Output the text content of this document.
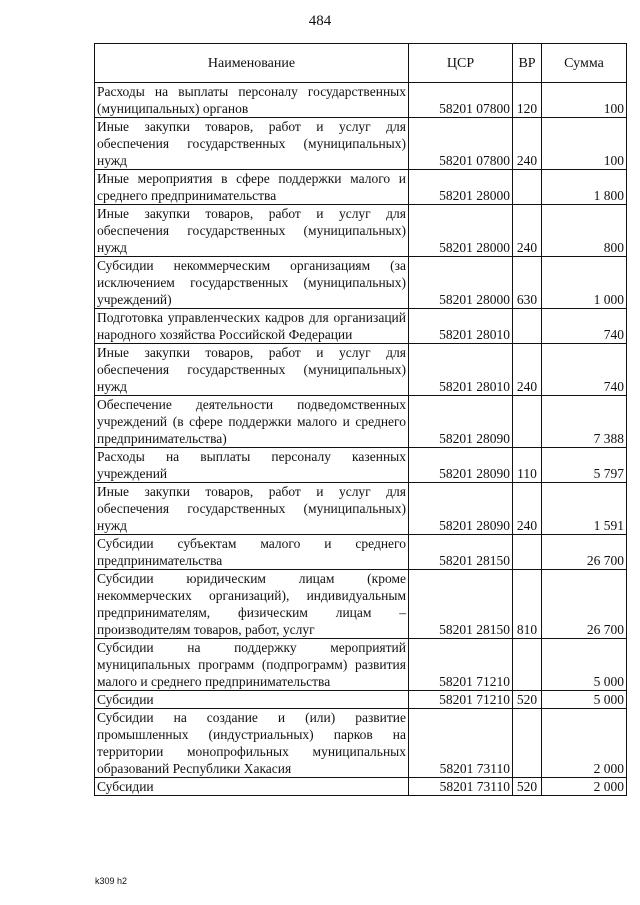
484
Наименование	ЦСР	ВР	Сумма
Расходы на выплаты персоналу государственных (муниципальных) органов	58201 07800	120	100
Иные закупки товаров, работ и услуг для обеспечения государственных (муниципальных) нужд	58201 07800	240	100
Иные мероприятия в сфере поддержки малого и среднего предпринимательства	58201 28000		1 800
Иные закупки товаров, работ и услуг для обеспечения государственных (муниципальных) нужд	58201 28000	240	800
Субсидии некоммерческим организациям (за исключением государственных (муниципальных) учреждений)	58201 28000	630	1 000
Подготовка управленческих кадров для организаций народного хозяйства Российской Федерации	58201 28010		740
Иные закупки товаров, работ и услуг для обеспечения государственных (муниципальных) нужд	58201 28010	240	740
Обеспечение деятельности подведомственных учреждений (в сфере поддержки малого и среднего предпринимательства)	58201 28090		7 388
Расходы на выплаты персоналу казенных учреждений	58201 28090	110	5 797
Иные закупки товаров, работ и услуг для обеспечения государственных (муниципальных) нужд	58201 28090	240	1 591
Субсидии субъектам малого и среднего предпринимательства	58201 28150		26 700
Субсидии юридическим лицам (кроме некоммерческих организаций), индивидуальным предпринимателям, физическим лицам – производителям товаров, работ, услуг	58201 28150	810	26 700
Субсидии на поддержку мероприятий муниципальных программ (подпрограмм) развития малого и среднего предпринимательства	58201 71210		5 000
Субсидии	58201 71210	520	5 000
Субсидии на создание и (или) развитие промышленных (индустриальных) парков на территории монопрофильных муниципальных образований Республики Хакасия	58201 73110		2 000
Субсидии	58201 73110	520	2 000
k309 h2
